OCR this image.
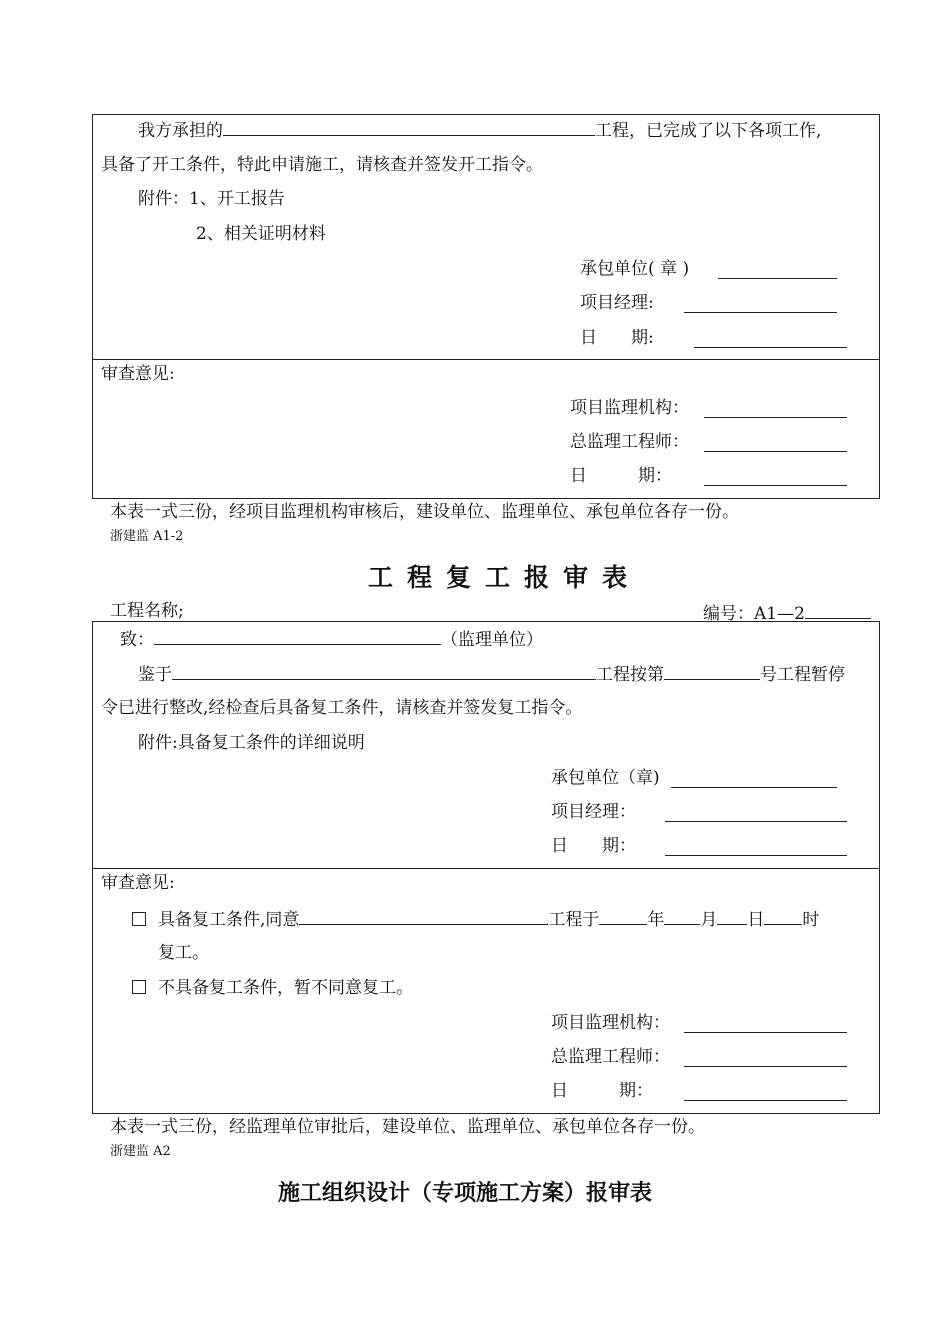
我方承担的	工程，已完成了以下各项工作,
具备了开工条件，特此申请施工，请核查并签发开工指令。
附件：1、开工报告
2、相关证明材料
承包单位( 章 )
项目经理:
日　　期:
审查意见:
项目监理机构：
总监理工程师：
日　　　期：
本表一式三份，经项目监理机构审核后，建设单位、监理单位、承包单位各存一份。
浙建监 A1-2
工程复工报审表
工程名称;	编号：A1—2
致：	（监理单位）
鉴于	工程按第	号工程暂停
令已进行整改,经检查后具备复工条件，请核查并签发复工指令。
附件:具备复工条件的详细说明
承包单位（章)
项目经理：
日　　期：
审查意见:
具备复工条件,同意	工程于	年 月 日 时
复工。
不具备复工条件，暂不同意复工。
项目监理机构：
总监理工程师：
日　　　期：
本表一式三份，经监理单位审批后，建设单位、监理单位、承包单位各存一份。
浙建监 A2
施工组织设计（专项施工方案）报审表
